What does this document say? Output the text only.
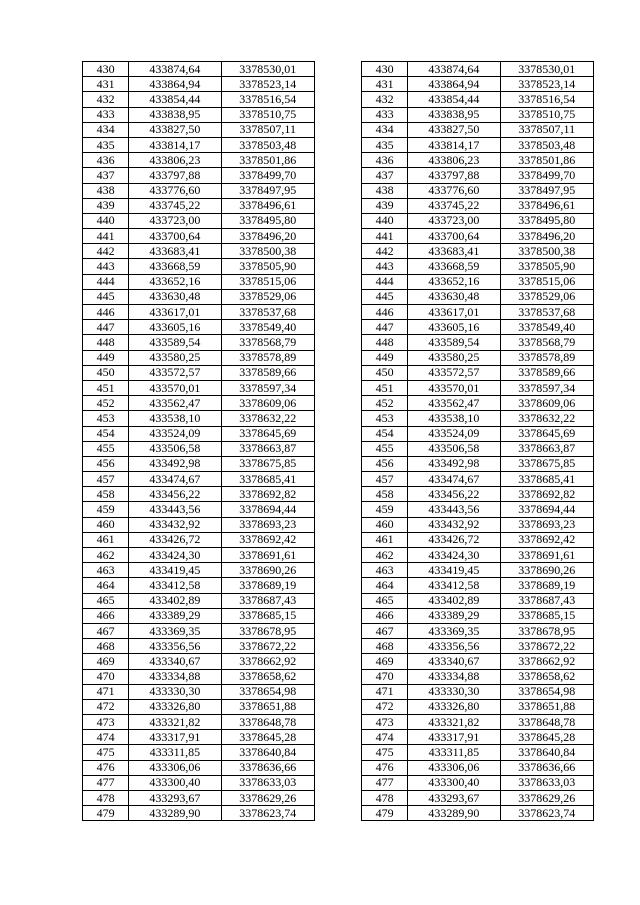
430	433874,64	3378530,01		430	433874,64	3378530,01
431	433864,94	3378523,14		431	433864,94	3378523,14
432	433854,44	3378516,54		432	433854,44	3378516,54
433	433838,95	3378510,75		433	433838,95	3378510,75
434	433827,50	3378507,11		434	433827,50	3378507,11
435	433814,17	3378503,48		435	433814,17	3378503,48
436	433806,23	3378501,86		436	433806,23	3378501,86
437	433797,88	3378499,70		437	433797,88	3378499,70
438	433776,60	3378497,95		438	433776,60	3378497,95
439	433745,22	3378496,61		439	433745,22	3378496,61
440	433723,00	3378495,80		440	433723,00	3378495,80
441	433700,64	3378496,20		441	433700,64	3378496,20
442	433683,41	3378500,38		442	433683,41	3378500,38
443	433668,59	3378505,90		443	433668,59	3378505,90
444	433652,16	3378515,06		444	433652,16	3378515,06
445	433630,48	3378529,06		445	433630,48	3378529,06
446	433617,01	3378537,68		446	433617,01	3378537,68
447	433605,16	3378549,40		447	433605,16	3378549,40
448	433589,54	3378568,79		448	433589,54	3378568,79
449	433580,25	3378578,89		449	433580,25	3378578,89
450	433572,57	3378589,66		450	433572,57	3378589,66
451	433570,01	3378597,34		451	433570,01	3378597,34
452	433562,47	3378609,06		452	433562,47	3378609,06
453	433538,10	3378632,22		453	433538,10	3378632,22
454	433524,09	3378645,69		454	433524,09	3378645,69
455	433506,58	3378663,87		455	433506,58	3378663,87
456	433492,98	3378675,85		456	433492,98	3378675,85
457	433474,67	3378685,41		457	433474,67	3378685,41
458	433456,22	3378692,82		458	433456,22	3378692,82
459	433443,56	3378694,44		459	433443,56	3378694,44
460	433432,92	3378693,23		460	433432,92	3378693,23
461	433426,72	3378692,42		461	433426,72	3378692,42
462	433424,30	3378691,61		462	433424,30	3378691,61
463	433419,45	3378690,26		463	433419,45	3378690,26
464	433412,58	3378689,19		464	433412,58	3378689,19
465	433402,89	3378687,43		465	433402,89	3378687,43
466	433389,29	3378685,15		466	433389,29	3378685,15
467	433369,35	3378678,95		467	433369,35	3378678,95
468	433356,56	3378672,22		468	433356,56	3378672,22
469	433340,67	3378662,92		469	433340,67	3378662,92
470	433334,88	3378658,62		470	433334,88	3378658,62
471	433330,30	3378654,98		471	433330,30	3378654,98
472	433326,80	3378651,88		472	433326,80	3378651,88
473	433321,82	3378648,78		473	433321,82	3378648,78
474	433317,91	3378645,28		474	433317,91	3378645,28
475	433311,85	3378640,84		475	433311,85	3378640,84
476	433306,06	3378636,66		476	433306,06	3378636,66
477	433300,40	3378633,03		477	433300,40	3378633,03
478	433293,67	3378629,26		478	433293,67	3378629,26
479	433289,90	3378623,74		479	433289,90	3378623,74
